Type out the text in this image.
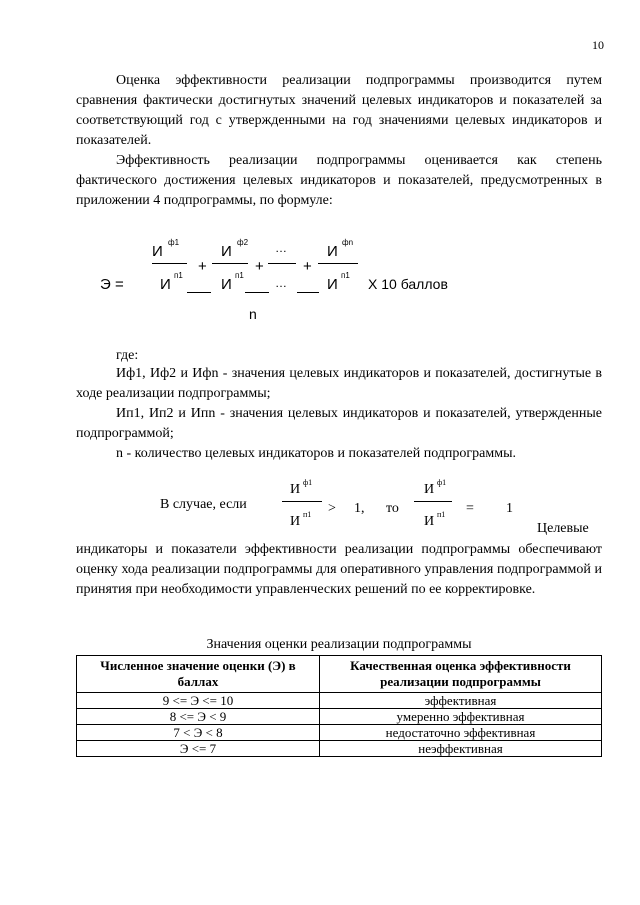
10

Оценка эффективности реализации подпрограммы производится путем сравнения фактически достигнутых значений целевых индикаторов и показателей за соответствующий год с утвержденными на год значениями целевых индикаторов и показателей.

Эффективность реализации подпрограммы оценивается как степень фактического достижения целевых индикаторов и показателей, предусмотренных в приложении 4 подпрограммы, по формуле:

И
ф1
+
И
ф2
+
…
+
И
фn
Э = И
п1
И
п1
…	И
п1
X 10 баллов
n
где:

Иф1, Иф2 и Ифn - значения целевых индикаторов и показателей, достигнутые в ходе реализации подпрограммы;

Ип1, Ип2 и Ипn - значения целевых индикаторов и показателей, утвержденные подпрограммой;

n - количество целевых индикаторов и показателей подпрограммы.
В случае, если
И ф1
И п1 > 1, то
И ф1
И п1 = 1
Целевые

индикаторы и показатели эффективности реализации подпрограммы обеспечивают оценку хода реализации подпрограммы для оперативного управления подпрограммой и принятия при необходимости управленческих решений по ее корректировке.

Значения оценки реализации подпрограммы
Численное значение оценки (Э) в баллах	Качественная оценка эффективности реализации подпрограммы
9 <= Э <= 10	эффективная
8 <= Э < 9	умеренно эффективная
7 < Э < 8	недостаточно эффективная
Э <= 7	неэффективная
